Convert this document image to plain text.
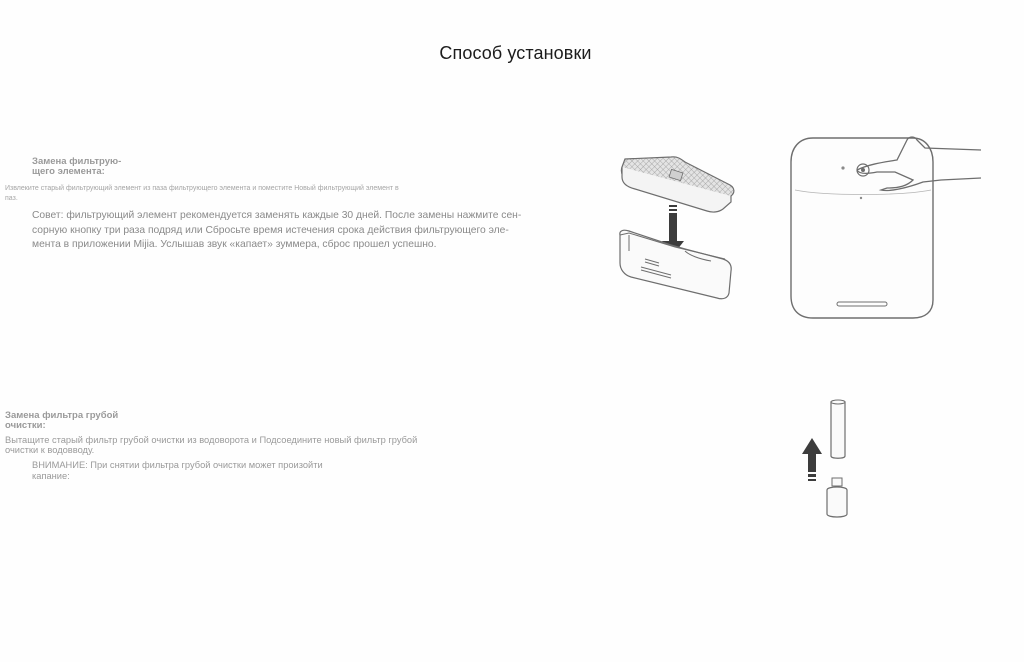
Способ установки
Замена фильтрую-
щего элемента:
Извлеките старый фильтрующий элемент из паза фильтрующего элемента и поместите Новый фильтрующий элемент в
паз.
Совет: фильтрующий элемент рекомендуется заменять каждые 30 дней. После замены нажмите сен-
сорную кнопку три раза подряд или Сбросьте время истечения срока действия фильтрующего эле-
мента в приложении Mijia. Услышав звук «капает» зуммера, сброс прошел успешно.
Замена фильтра грубой
очистки:
Вытащите старый фильтр грубой очистки из водоворота и Подсоедините новый фильтр грубой
очистки к водовводу.
ВНИМАНИЕ: При снятии фильтра грубой очистки может произойти
капание:
